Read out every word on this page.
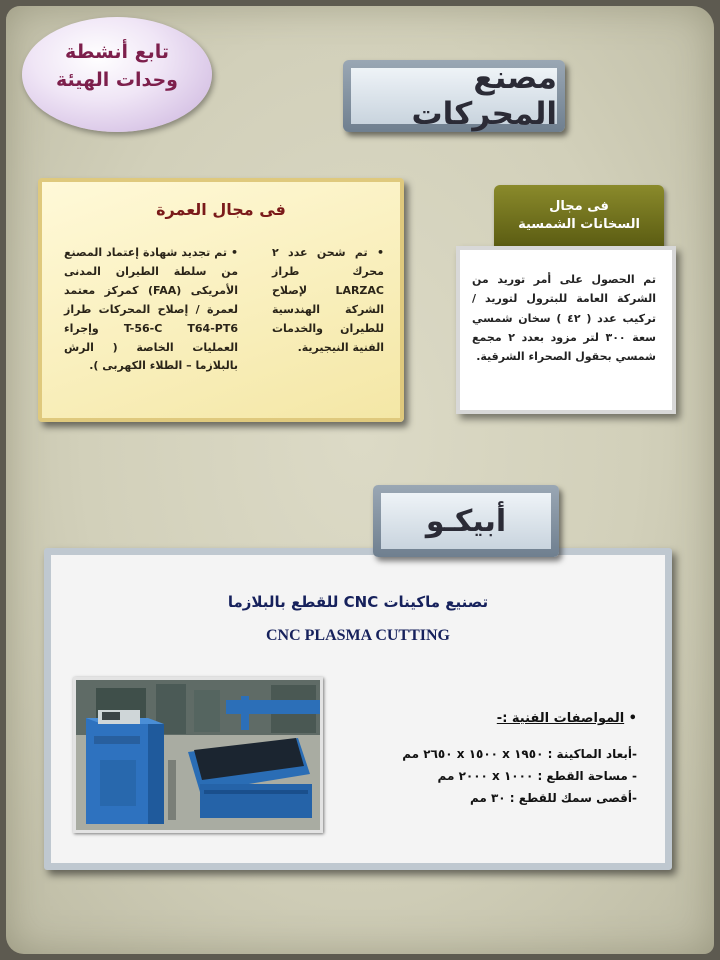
تابع أنشطة
وحدات الهيئة	مصنع المحركات
فى مجال العمرة
• تم شحن عدد ٢ محرك طراز LARZAC لإصلاح الشركة الهندسية للطيران والخدمات الفنية النيجيرية.
• تم تجديد شهادة إعتماد المصنع من سلطة الطيران المدنى الأمريكى (FAA) كمركز معتمد لعمرة / إصلاح المحركات طراز T-56-C T64-PT6 وإجراء العمليات الخاصة ( الرش بالبلازما – الطلاء الكهربى ).
فى مجال
السخانات الشمسية
تم الحصول على أمر توريد من الشركة العامة للبترول لتوريد / تركيب عدد ( ٤٢ ) سخان شمسي سعة ٣٠٠ لتر مزود بعدد ٢ مجمع شمسي بحقول الصحراء الشرقية.
تصنيع ماكينات CNC للقطع بالبلازما
CNC PLASMA CUTTING
• المواصفات الفنية :-
-أبعاد الماكينة : ١٩٥٠ x ١٥٠٠ x ٢٦٥٠ مم
- مساحة القطع : ١٠٠٠ x ٢٠٠٠ مم
-أقصى سمك للقطع : ٣٠ مم
أبيكـو
